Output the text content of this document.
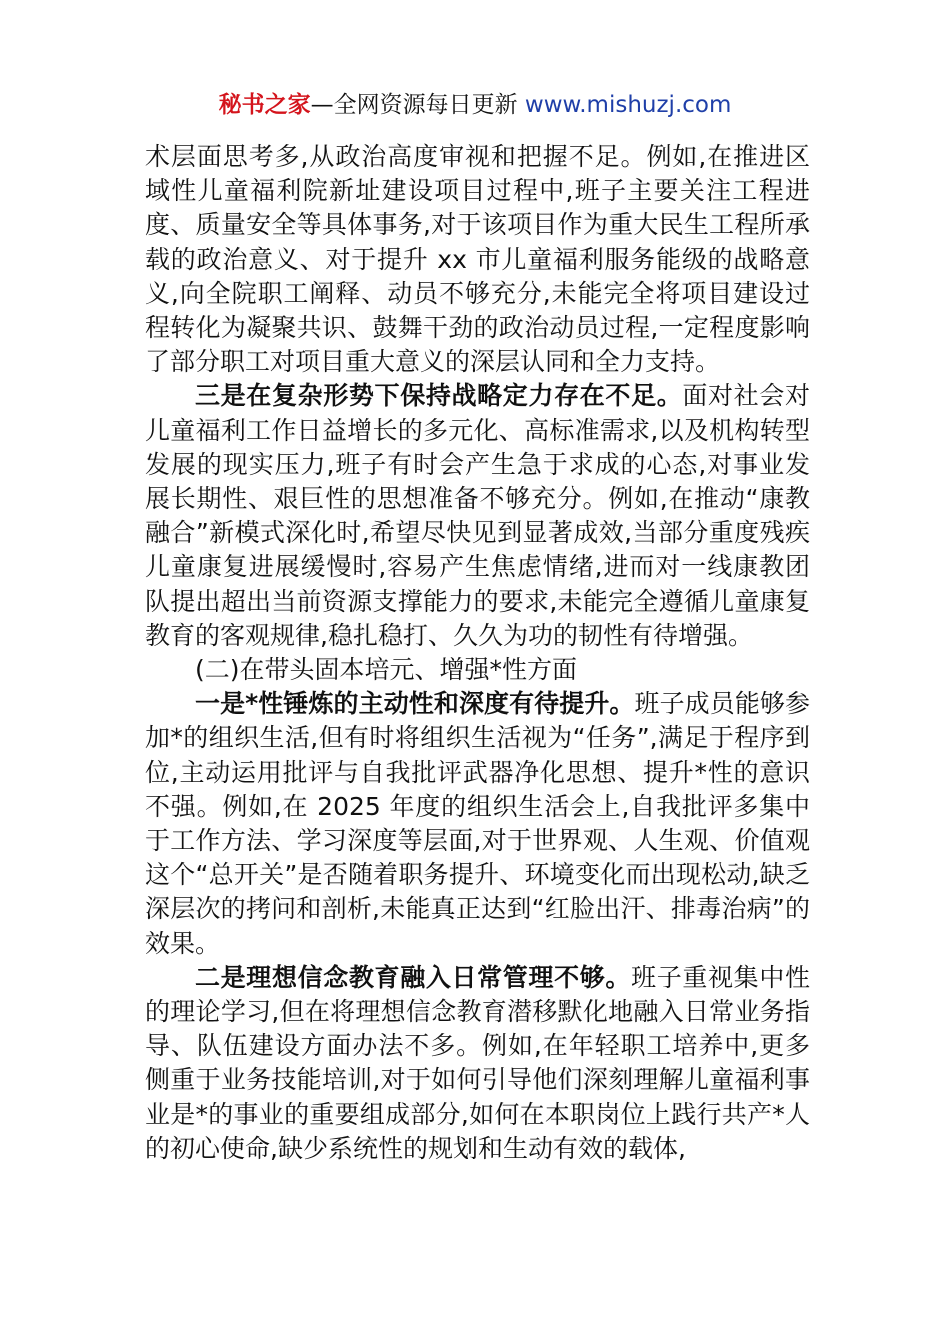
秘书之家—全网资源每日更新 www.mishuzj.com

术层面思考多,从政治高度审视和把握不足。例如,在推进区域性儿童福利院新址建设项目过程中,班子主要关注工程进度、质量安全等具体事务,对于该项目作为重大民生工程所承载的政治意义、对于提升 xx 市儿童福利服务能级的战略意义,向全院职工阐释、动员不够充分,未能完全将项目建设过程转化为凝聚共识、鼓舞干劲的政治动员过程,一定程度影响了部分职工对项目重大意义的深层认同和全力支持。

三是在复杂形势下保持战略定力存在不足。面对社会对儿童福利工作日益增长的多元化、高标准需求,以及机构转型发展的现实压力,班子有时会产生急于求成的心态,对事业发展长期性、艰巨性的思想准备不够充分。例如,在推动“康教融合”新模式深化时,希望尽快见到显著成效,当部分重度残疾儿童康复进展缓慢时,容易产生焦虑情绪,进而对一线康教团队提出超出当前资源支撑能力的要求,未能完全遵循儿童康复教育的客观规律,稳扎稳打、久久为功的韧性有待增强。

(二)在带头固本培元、增强*性方面

一是*性锤炼的主动性和深度有待提升。班子成员能够参加*的组织生活,但有时将组织生活视为“任务”,满足于程序到位,主动运用批评与自我批评武器净化思想、提升*性的意识不强。例如,在 2025 年度的组织生活会上,自我批评多集中于工作方法、学习深度等层面,对于世界观、人生观、价值观这个“总开关”是否随着职务提升、环境变化而出现松动,缺乏深层次的拷问和剖析,未能真正达到“红脸出汗、排毒治病”的效果。

二是理想信念教育融入日常管理不够。班子重视集中性的理论学习,但在将理想信念教育潜移默化地融入日常业务指导、队伍建设方面办法不多。例如,在年轻职工培养中,更多侧重于业务技能培训,对于如何引导他们深刻理解儿童福利事业是*的事业的重要组成部分,如何在本职岗位上践行共产*人的初心使命,缺少系统性的规划和生动有效的载体,
